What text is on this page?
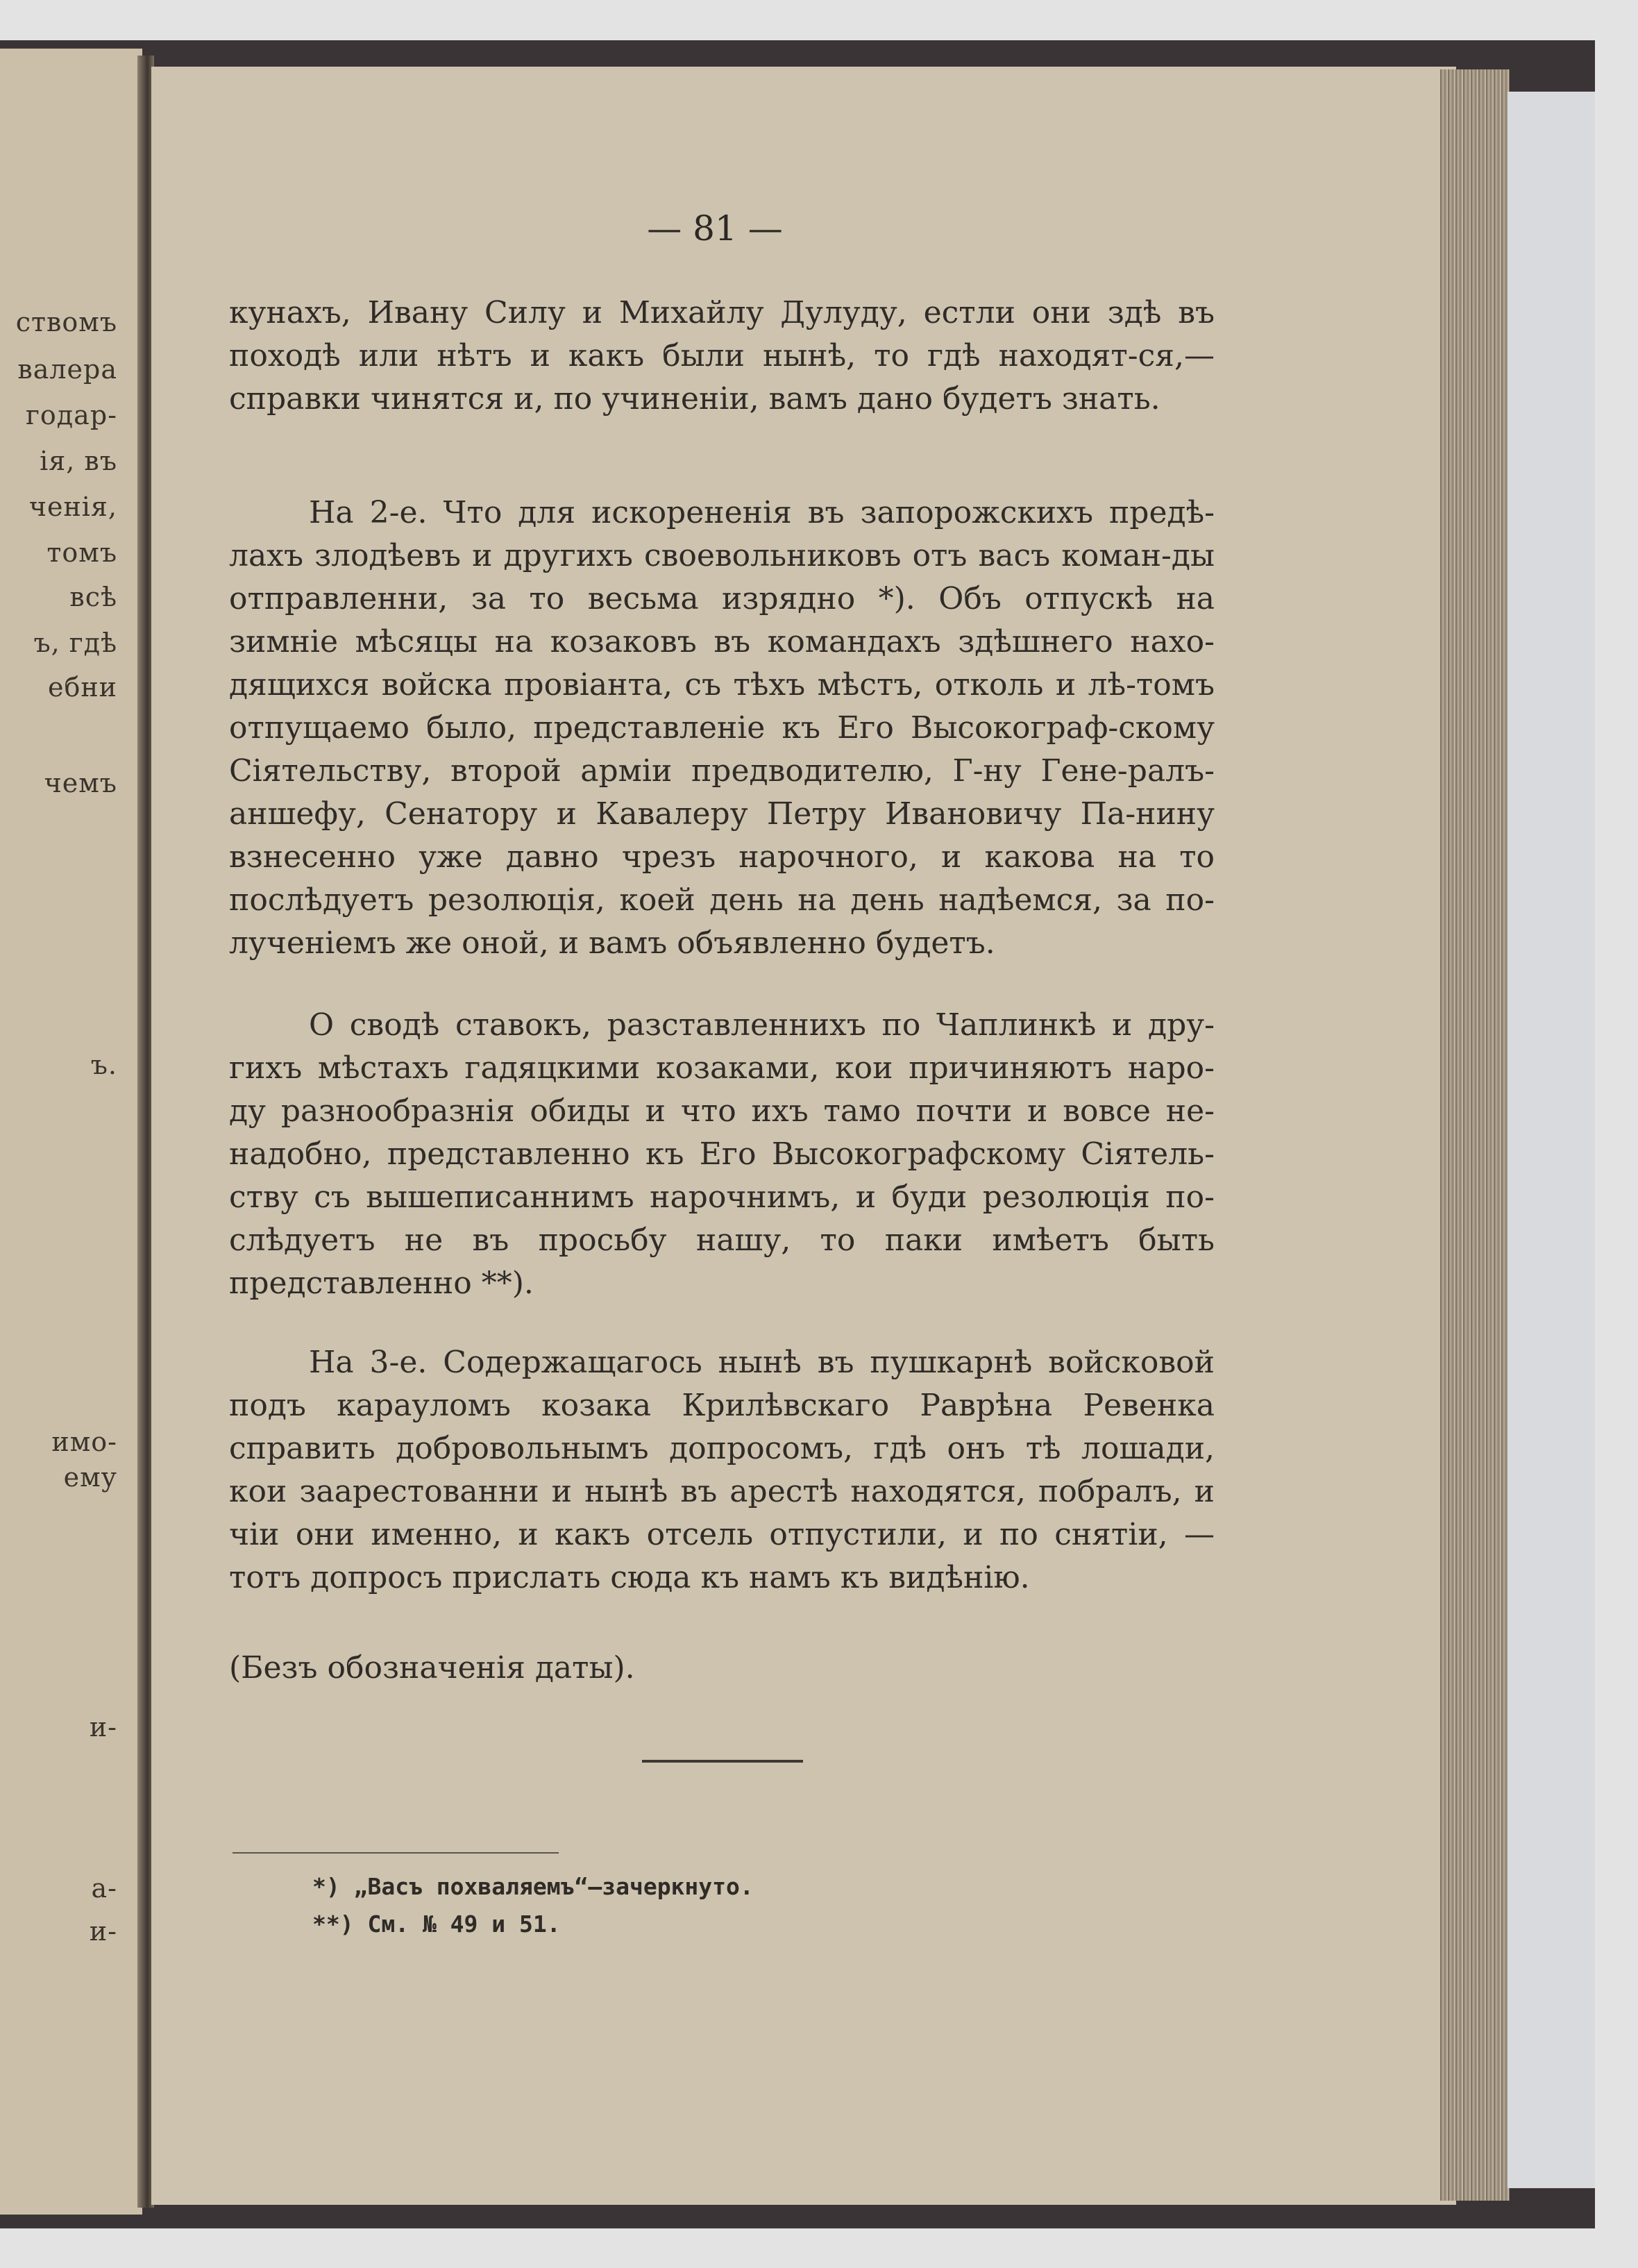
ствомъ
валера
годар-
iя, въ
ченія,
томъ
всѣ
ъ, гдѣ
ебни
чемъ
ъ.
имо-
ему
и-
а-
и-
— 81 —

кунахъ, Ивану Силу и Михайлу Дулуду, естли они здѣ въ походѣ или нѣтъ и какъ были нынѣ, то гдѣ находят-ся,—справки чинятся и, по учиненіи, вамъ дано будетъ знать.

На 2-е. Что для искорененія въ запорожскихъ предѣ-лахъ злодѣевъ и другихъ своевольниковъ отъ васъ коман-ды отправленни, за то весьма изрядно *). Объ отпускѣ на зимніе мѣсяцы на козаковъ въ командахъ здѣшнего нахо-дящихся войска провіанта, съ тѣхъ мѣстъ, отколь и лѣ-томъ отпущаемо было, представленіе къ Его Высокограф-скому Сіятельству, второй арміи предводителю, Г-ну Гене-ралъ-аншефу, Сенатору и Кавалеру Петру Ивановичу Па-нину взнесенно уже давно чрезъ нарочного, и какова на то послѣдуетъ резолюція, коей день на день надѣемся, за по-лученіемъ же оной, и вамъ объявленно будетъ.

О сводѣ ставокъ, разставленнихъ по Чаплинкѣ и дру-гихъ мѣстахъ гадяцкими козаками, кои причиняютъ наро-ду разнообразнія обиды и что ихъ тамо почти и вовсе не-надобно, представленно къ Его Высокографскому Сіятель-ству съ вышеписаннимъ нарочнимъ, и буди резолюція по-слѣдуетъ не въ просьбу нашу, то паки имѣетъ быть представленно **).

На 3-е. Содержащагось нынѣ въ пушкарнѣ войсковой подъ карауломъ козака Крилѣвскаго Раврѣна Ревенка справить добровольнымъ допросомъ, гдѣ онъ тѣ лошади, кои заарестованни и нынѣ въ арестѣ находятся, побралъ, и чіи они именно, и какъ отсель отпустили, и по снятіи, — тотъ допросъ прислать сюда къ намъ къ видѣнію.

(Безъ обозначенія даты).

*) „Васъ похваляемъ“—зачеркнуто.
**) См. № 49 и 51.
